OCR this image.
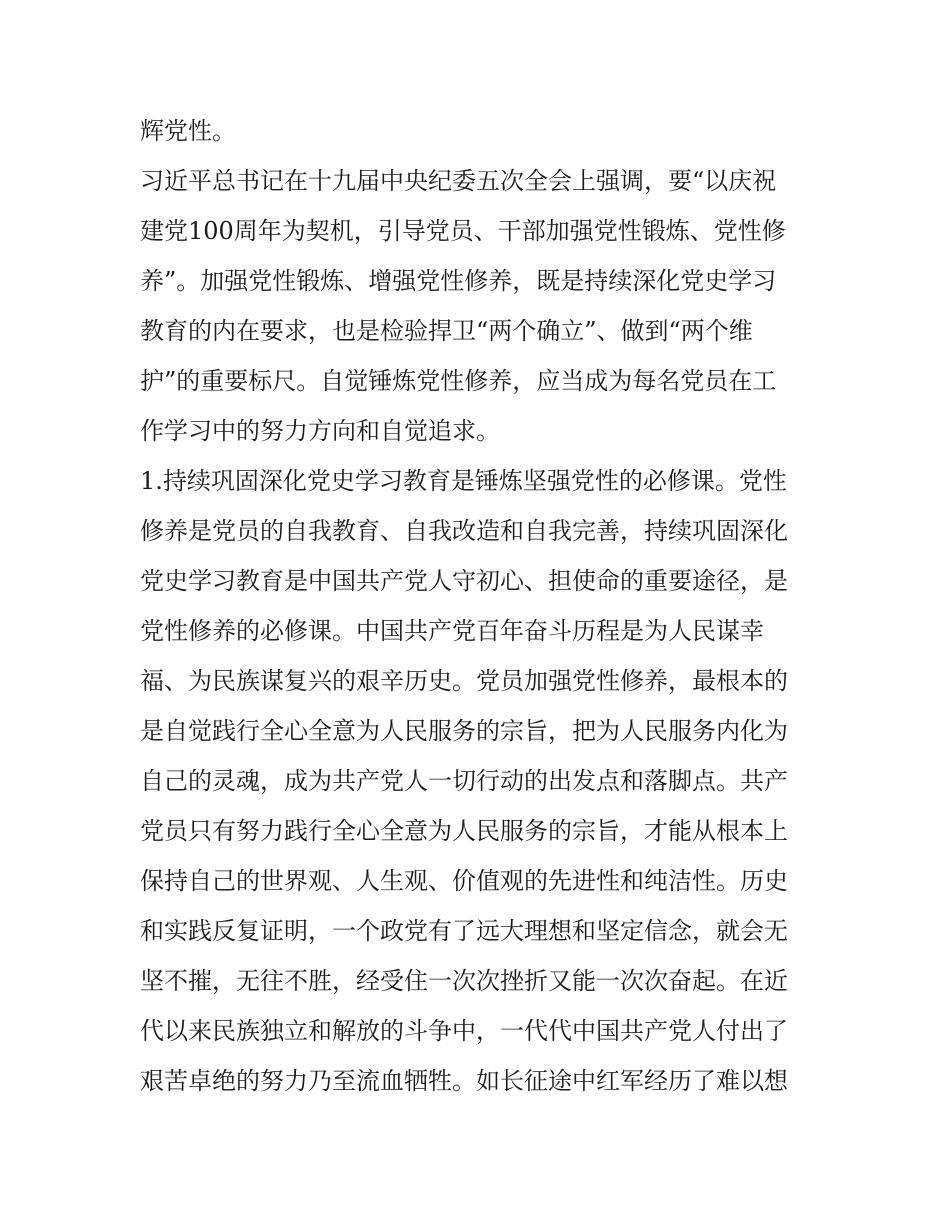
辉党性。
习近平总书记在十九届中央纪委五次全会上强调，要“以庆祝
建党100周年为契机，引导党员、干部加强党性锻炼、党性修
养”。加强党性锻炼、增强党性修养，既是持续深化党史学习
教育的内在要求，也是检验捍卫“两个确立”、做到“两个维
护”的重要标尺。自觉锤炼党性修养，应当成为每名党员在工
作学习中的努力方向和自觉追求。
1.持续巩固深化党史学习教育是锤炼坚强党性的必修课。党性
修养是党员的自我教育、自我改造和自我完善，持续巩固深化
党史学习教育是中国共产党人守初心、担使命的重要途径，是
党性修养的必修课。中国共产党百年奋斗历程是为人民谋幸
福、为民族谋复兴的艰辛历史。党员加强党性修养，最根本的
是自觉践行全心全意为人民服务的宗旨，把为人民服务内化为
自己的灵魂，成为共产党人一切行动的出发点和落脚点。共产
党员只有努力践行全心全意为人民服务的宗旨，才能从根本上
保持自己的世界观、人生观、价值观的先进性和纯洁性。历史
和实践反复证明，一个政党有了远大理想和坚定信念，就会无
坚不摧，无往不胜，经受住一次次挫折又能一次次奋起。在近
代以来民族独立和解放的斗争中，一代代中国共产党人付出了
艰苦卓绝的努力乃至流血牺牲。如长征途中红军经历了难以想
